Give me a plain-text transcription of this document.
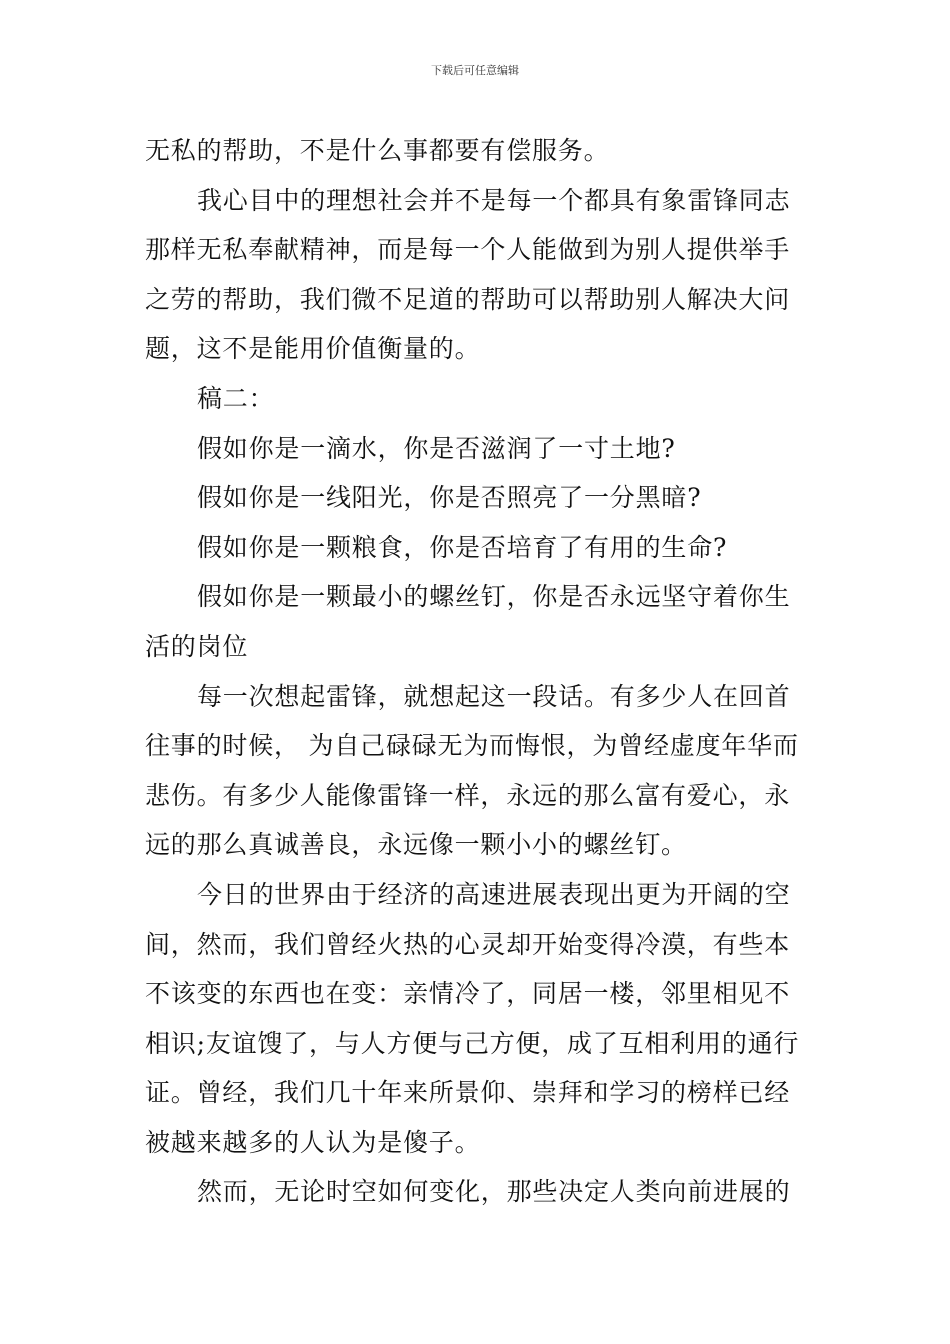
下载后可任意编辑

无私的帮助，不是什么事都要有偿服务。

我心目中的理想社会并不是每一个都具有象雷锋同志
那样无私奉献精神，而是每一个人能做到为别人提供举手
之劳的帮助，我们微不足道的帮助可以帮助别人解决大问
题，这不是能用价值衡量的。

稿二：

假如你是一滴水，你是否滋润了一寸土地?

假如你是一线阳光，你是否照亮了一分黑暗?

假如你是一颗粮食，你是否培育了有用的生命?

假如你是一颗最小的螺丝钉，你是否永远坚守着你生
活的岗位

每一次想起雷锋，就想起这一段话。有多少人在回首
往事的时候， 为自己碌碌无为而悔恨，为曾经虚度年华而
悲伤。有多少人能像雷锋一样，永远的那么富有爱心，永
远的那么真诚善良，永远像一颗小小的螺丝钉。

今日的世界由于经济的高速进展表现出更为开阔的空
间，然而，我们曾经火热的心灵却开始变得冷漠，有些本
不该变的东西也在变：亲情冷了，同居一楼，邻里相见不
相识;友谊馊了，与人方便与己方便，成了互相利用的通行
证。曾经，我们几十年来所景仰、崇拜和学习的榜样已经
被越来越多的人认为是傻子。

然而，无论时空如何变化，那些决定人类向前进展的
